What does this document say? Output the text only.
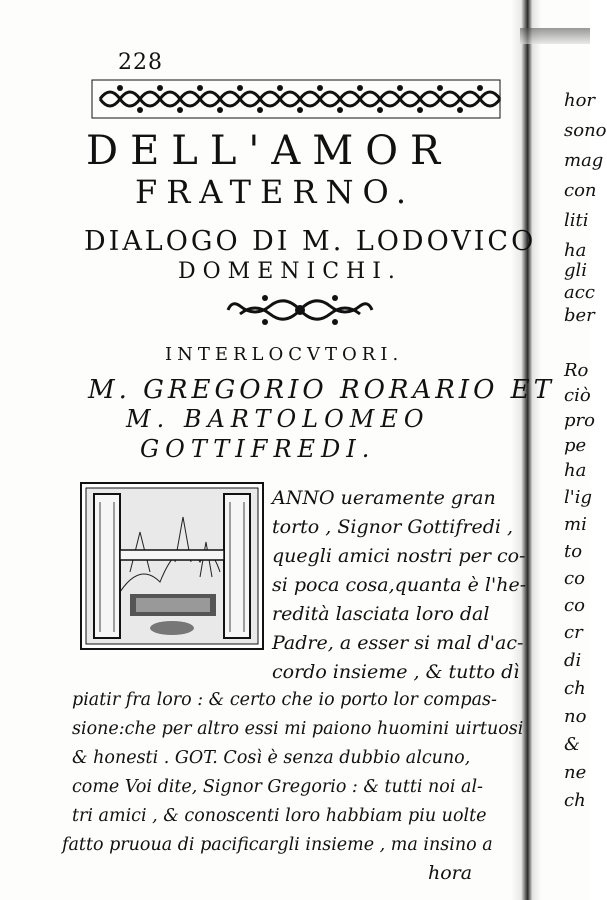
228
DELL'AMOR
FRATERNO.
DIALOGO DI M. LODOVICO
DOMENICHI.
INTERLOCVTORI.
M. GREGORIO RORARIO ET
M. BARTOLOMEO
GOTTIFREDI.
ANNO ueramente gran
torto , Signor Gottifredi ,
quegli amici nostri per co-
si poca cosa,quanta è l'he-
redità lasciata loro dal
Padre, a esser si mal d'ac-
cordo insieme , & tutto dì
piatir fra loro : & certo che io porto lor compas-
sione:che per altro essi mi paiono huomini uirtuosi
& honesti . GOT. Così è senza dubbio alcuno,
come Voi dite, Signor Gregorio : & tutti noi al-
tri amici , & conoscenti loro habbiam piu uolte
fatto pruoua di pacificargli insieme , ma insino a
hora
hor
sono
mag
con
liti
ha
gli
acc
ber
Ro
ciò
pro
pe
ha
l'ig
mi
to
co
co
cr
di
ch
no
&
ne
ch
